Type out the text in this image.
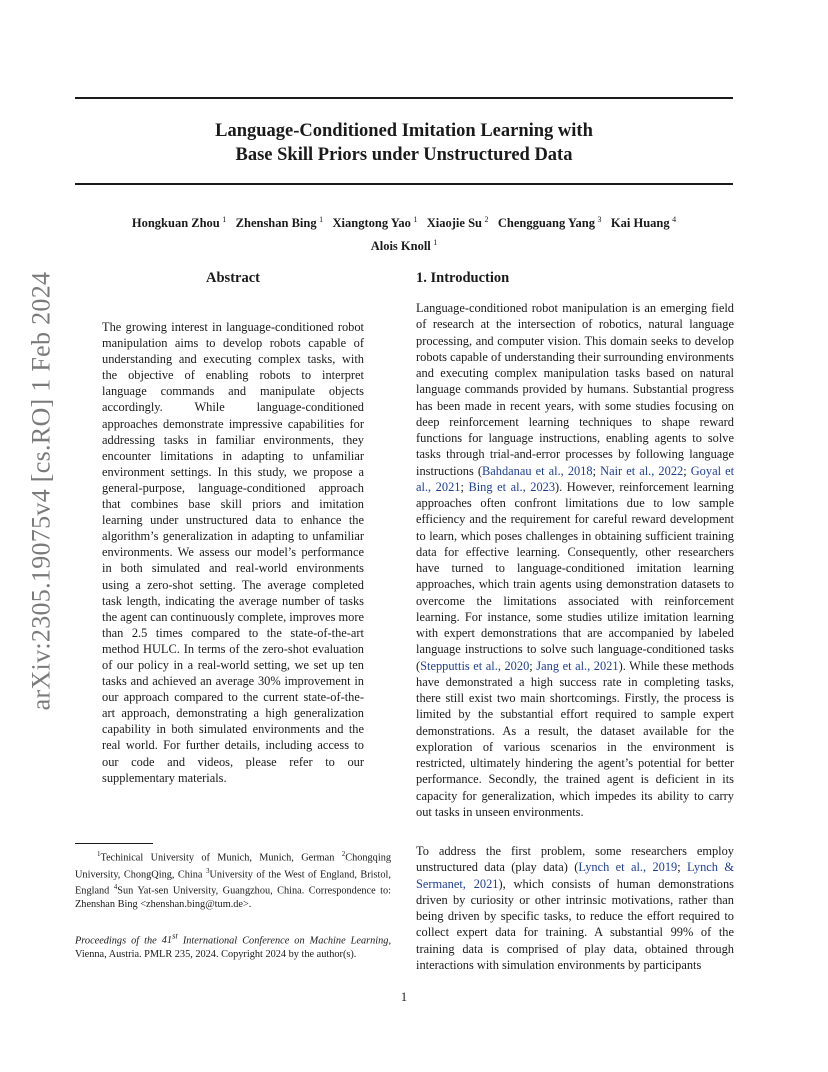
arXiv:2305.19075v4 [cs.RO] 1 Feb 2024
Language-Conditioned Imitation Learning with
Base Skill Priors under Unstructured Data
Hongkuan Zhou  $^1$ Zhenshan Bing  $^1$ Xiangtong Yao  $^1$ Xiaojie Su  $^2$ Chengguang Yang  $^3$ Kai Huang  $^4$
Alois Knoll  $^1$
Abstract
The growing interest in language-conditioned robot manipulation aims to develop robots capable of understanding and executing complex tasks, with the objective of enabling robots to interpret language commands and manipulate objects accordingly. While language-conditioned approaches demonstrate impressive capabilities for addressing tasks in familiar environments, they encounter limitations in adapting to unfamiliar environment settings. In this study, we propose a general-purpose, language-conditioned approach that combines base skill priors and imitation learning under unstructured data to enhance the algorithm’s generalization in adapting to unfamiliar environments. We assess our model’s performance in both simulated and real-world environments using a zero-shot setting. The average completed task length, indicating the average number of tasks the agent can continuously complete, improves more than 2.5 times compared to the state-of-the-art method HULC. In terms of the zero-shot evaluation of our policy in a real-world setting, we set up ten tasks and achieved an average 30% improvement in our approach compared to the current state-of-the-art approach, demonstrating a high generalization capability in both simulated environments and the real world. For further details, including access to our code and videos, please refer to our supplementary materials.
$^1$Techinical University of Munich, Munich, German $^2$Chongqing University, ChongQing, China $^3$University of the West of England, Bristol, England $^4$Sun Yat-sen University, Guangzhou, China. Correspondence to: Zhenshan Bing <zhenshan.bing@tum.de>.
Proceedings of the 41st International Conference on Machine Learning, Vienna, Austria. PMLR 235, 2024. Copyright 2024 by the author(s).
1. Introduction
Language-conditioned robot manipulation is an emerging field of research at the intersection of robotics, natural language processing, and computer vision. This domain seeks to develop robots capable of understanding their surrounding environments and executing complex manipulation tasks based on natural language commands provided by humans. Substantial progress has been made in recent years, with some studies focusing on deep reinforcement learning techniques to shape reward functions for language instructions, enabling agents to solve tasks through trial-and-error processes by following language instructions (Bahdanau et al., 2018; Nair et al., 2022; Goyal et al., 2021; Bing et al., 2023). However, reinforcement learning approaches often confront limitations due to low sample efficiency and the requirement for careful reward development to learn, which poses challenges in obtaining sufficient training data for effective learning. Consequently, other researchers have turned to language-conditioned imitation learning approaches, which train agents using demonstration datasets to overcome the limitations associated with reinforcement learning. For instance, some studies utilize imitation learning with expert demonstrations that are accompanied by labeled language instructions to solve such language-conditioned tasks (Stepputtis et al., 2020; Jang et al., 2021). While these methods have demonstrated a high success rate in completing tasks, there still exist two main shortcomings. Firstly, the process is limited by the substantial effort required to sample expert demonstrations. As a result, the dataset available for the exploration of various scenarios in the environment is restricted, ultimately hindering the agent’s potential for better performance. Secondly, the trained agent is deficient in its capacity for generalization, which impedes its ability to carry out tasks in unseen environments.
To address the first problem, some researchers employ unstructured data (play data) (Lynch et al., 2019; Lynch & Sermanet, 2021), which consists of human demonstrations driven by curiosity or other intrinsic motivations, rather than being driven by specific tasks, to reduce the effort required to collect expert data for training. A substantial 99% of the training data is comprised of play data, obtained through interactions with simulation environments by participants
1
